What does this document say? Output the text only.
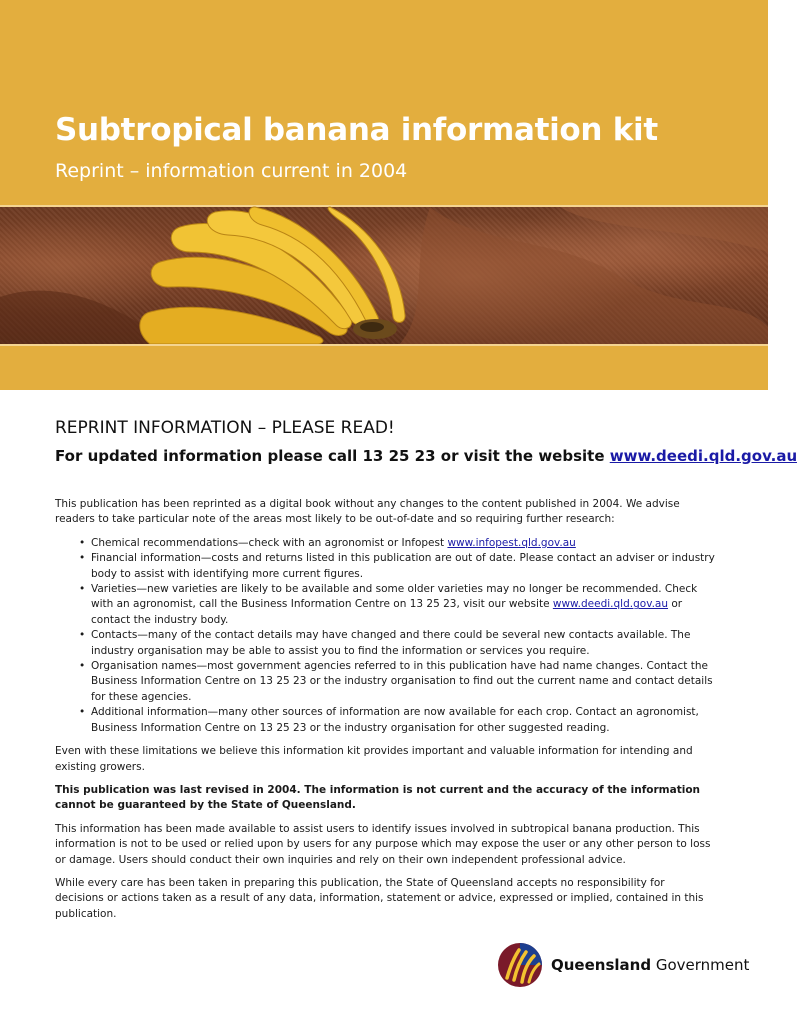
Subtropical banana information kit
Reprint – information current in 2004
REPRINT INFORMATION – PLEASE READ!

For updated information please call 13 25 23 or visit the website www.deedi.qld.gov.au

This publication has been reprinted as a digital book without any changes to the content published in 2004. We advise readers to take particular note of the areas most likely to be out-of-date and so requiring further research:

• Chemical recommendations—check with an agronomist or Infopest www.infopest.qld.gov.au
• Financial information—costs and returns listed in this publication are out of date. Please contact an adviser or industry body to assist with identifying more current figures.
• Varieties—new varieties are likely to be available and some older varieties may no longer be recommended. Check with an agronomist, call the Business Information Centre on 13 25 23, visit our website www.deedi.qld.gov.au or contact the industry body.
• Contacts—many of the contact details may have changed and there could be several new contacts available. The industry organisation may be able to assist you to find the information or services you require.
• Organisation names—most government agencies referred to in this publication have had name changes. Contact the Business Information Centre on 13 25 23 or the industry organisation to find out the current name and contact details for these agencies.
• Additional information—many other sources of information are now available for each crop. Contact an agronomist, Business Information Centre on 13 25 23 or the industry organisation for other suggested reading.

Even with these limitations we believe this information kit provides important and valuable information for intending and existing growers.

This publication was last revised in 2004. The information is not current and the accuracy of the information cannot be guaranteed by the State of Queensland.

This information has been made available to assist users to identify issues involved in subtropical banana production. This information is not to be used or relied upon by users for any purpose which may expose the user or any other person to loss or damage. Users should conduct their own inquiries and rely on their own independent professional advice.

While every care has been taken in preparing this publication, the State of Queensland accepts no responsibility for decisions or actions taken as a result of any data, information, statement or advice, expressed or implied, contained in this publication.

Queensland Government
